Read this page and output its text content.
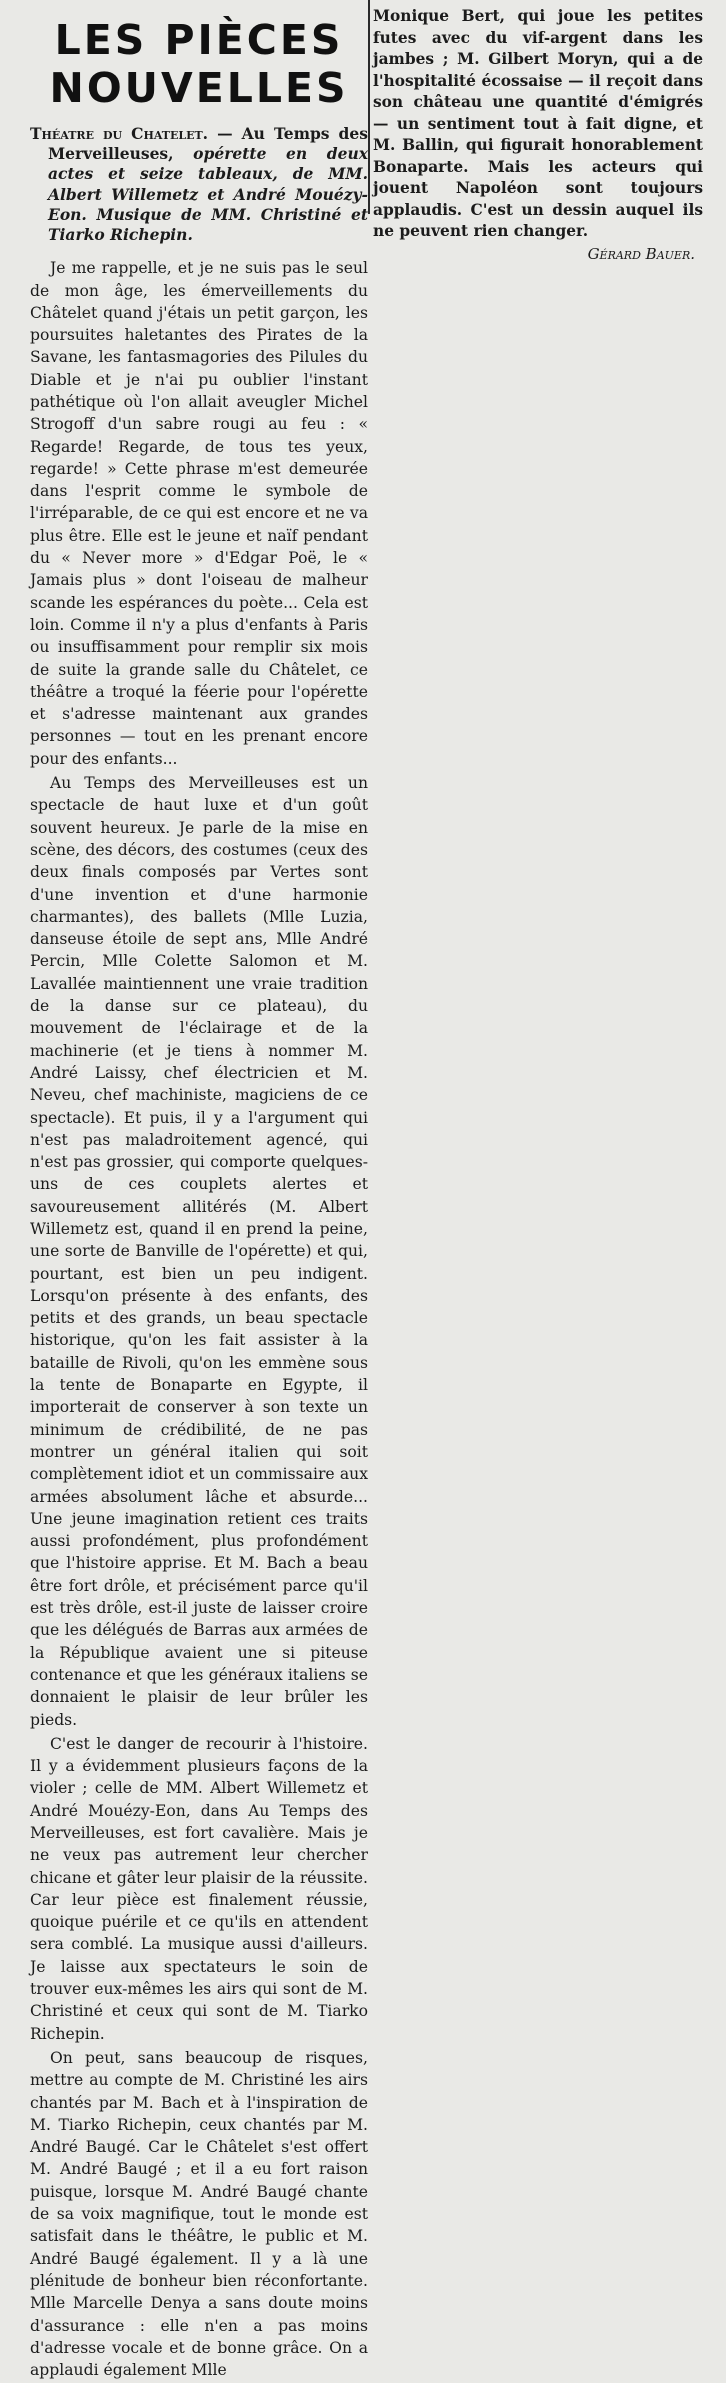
LES PIÈCES
NOUVELLES
Théatre du Chatelet. — Au Temps des Merveilleuses, opérette en deux actes et seize tableaux, de MM. Albert Willemetz et André Mouézy-Eon. Musique de MM. Christiné et Tiarko Richepin.

Je me rappelle, et je ne suis pas le seul de mon âge, les émerveillements du Châtelet quand j'étais un petit garçon, les poursuites haletantes des Pirates de la Savane, les fantasmagories des Pilules du Diable et je n'ai pu oublier l'instant pathétique où l'on allait aveugler Michel Strogoff d'un sabre rougi au feu : « Regarde! Regarde, de tous tes yeux, regarde! » Cette phrase m'est demeurée dans l'esprit comme le symbole de l'irréparable, de ce qui est encore et ne va plus être. Elle est le jeune et naïf pendant du « Never more » d'Edgar Poë, le « Jamais plus » dont l'oiseau de malheur scande les espérances du poète... Cela est loin. Comme il n'y a plus d'enfants à Paris ou insuffisamment pour remplir six mois de suite la grande salle du Châtelet, ce théâtre a troqué la féerie pour l'opérette et s'adresse maintenant aux grandes personnes — tout en les prenant encore pour des enfants...

Au Temps des Merveilleuses est un spectacle de haut luxe et d'un goût souvent heureux. Je parle de la mise en scène, des décors, des costumes (ceux des deux finals composés par Vertes sont d'une invention et d'une harmonie charmantes), des ballets (Mlle Luzia, danseuse étoile de sept ans, Mlle André Percin, Mlle Colette Salomon et M. Lavallée maintiennent une vraie tradition de la danse sur ce plateau), du mouvement de l'éclairage et de la machinerie (et je tiens à nommer M. André Laissy, chef électricien et M. Neveu, chef machiniste, magiciens de ce spectacle). Et puis, il y a l'argument qui n'est pas maladroitement agencé, qui n'est pas grossier, qui comporte quelques-uns de ces couplets alertes et savoureusement allitérés (M. Albert Willemetz est, quand il en prend la peine, une sorte de Banville de l'opérette) et qui, pourtant, est bien un peu indigent. Lorsqu'on présente à des enfants, des petits et des grands, un beau spectacle historique, qu'on les fait assister à la bataille de Rivoli, qu'on les emmène sous la tente de Bonaparte en Egypte, il importerait de conserver à son texte un minimum de crédibilité, de ne pas montrer un général italien qui soit complètement idiot et un commissaire aux armées absolument lâche et absurde... Une jeune imagination retient ces traits aussi profondément, plus profondément que l'histoire apprise. Et M. Bach a beau être fort drôle, et précisément parce qu'il est très drôle, est-il juste de laisser croire que les délégués de Barras aux armées de la République avaient une si piteuse contenance et que les généraux italiens se donnaient le plaisir de leur brûler les pieds.

C'est le danger de recourir à l'histoire. Il y a évidemment plusieurs façons de la violer ; celle de MM. Albert Willemetz et André Mouézy-Eon, dans Au Temps des Merveilleuses, est fort cavalière. Mais je ne veux pas autrement leur chercher chicane et gâter leur plaisir de la réussite. Car leur pièce est finalement réussie, quoique puérile et ce qu'ils en attendent sera comblé. La musique aussi d'ailleurs. Je laisse aux spectateurs le soin de trouver eux-mêmes les airs qui sont de M. Christiné et ceux qui sont de M. Tiarko Richepin.

On peut, sans beaucoup de risques, mettre au compte de M. Christiné les airs chantés par M. Bach et à l'inspiration de M. Tiarko Richepin, ceux chantés par M. André Baugé. Car le Châtelet s'est offert M. André Baugé ; et il a eu fort raison puisque, lorsque M. André Baugé chante de sa voix magnifique, tout le monde est satisfait dans le théâtre, le public et M. André Baugé également. Il y a là une plénitude de bonheur bien réconfortante. Mlle Marcelle Denya a sans doute moins d'assurance : elle n'en a pas moins d'adresse vocale et de bonne grâce. On a applaudi également Mlle

Monique Bert, qui joue les petites futes avec du vif-argent dans les jambes ; M. Gilbert Moryn, qui a de l'hospitalité écossaise — il reçoit dans son château une quantité d'émigrés — un sentiment tout à fait digne, et M. Ballin, qui figurait honorablement Bonaparte. Mais les acteurs qui jouent Napoléon sont toujours applaudis. C'est un dessin auquel ils ne peuvent rien changer.
Gérard Bauer.
